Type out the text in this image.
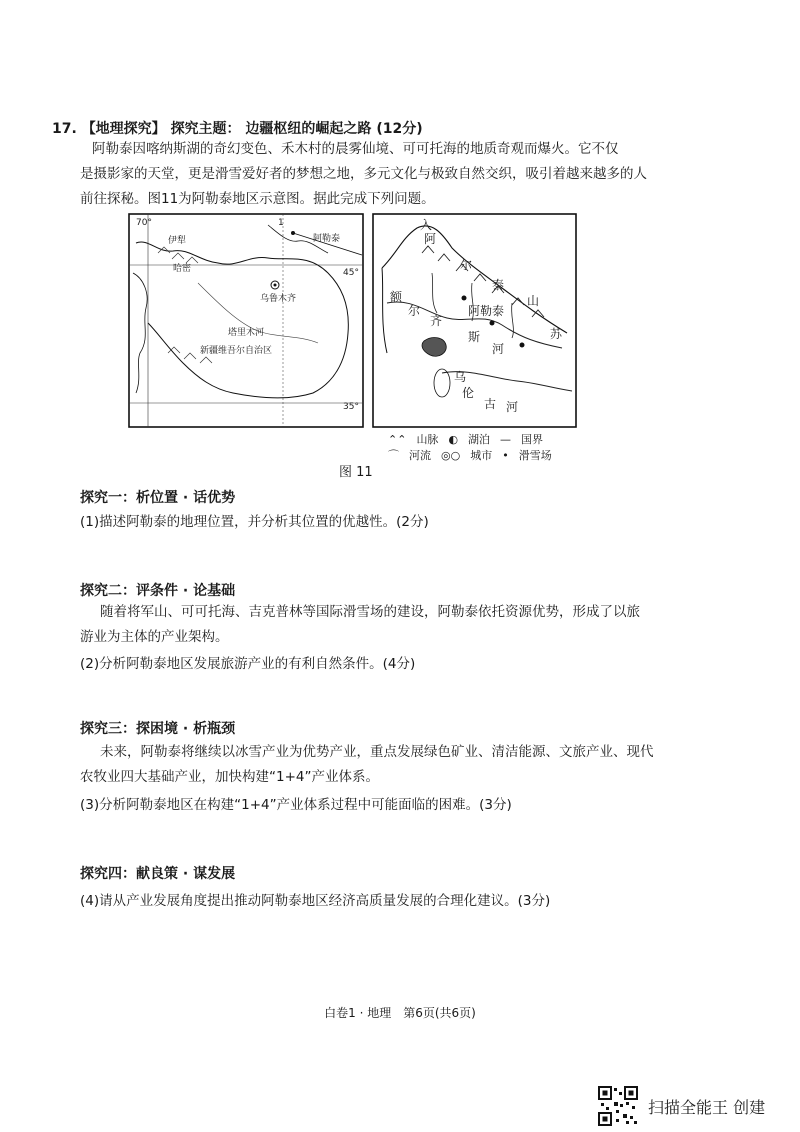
17. 【地理探究】 探究主题： 边疆枢纽的崛起之路 (12分)
阿勒泰因喀纳斯湖的奇幻变色、禾木村的晨雾仙境、可可托海的地质奇观而爆火。它不仅
是摄影家的天堂，更是滑雪爱好者的梦想之地，多元文化与极致自然交织，吸引着越来越多的人
前往探秘。图11为阿勒泰地区示意图。据此完成下列问题。
乌鲁木齐
70°	1
45°
35°
新疆维吾尔自治区
塔里木河
阿勒泰
伊犁
哈密
阿
尔
泰
山
额
尔
齐
斯
阿勒泰
乌
伦
古 河
河
苏
入
⌃⌃ 山脉 ◐ 湖泊 — 国界
⌒ 河流 ◎○ 城市 • 滑雪场
图 11
探究一：析位置 · 话优势
(1)描述阿勒泰的地理位置，并分析其位置的优越性。(2分)
探究二：评条件 · 论基础
随着将军山、可可托海、吉克普林等国际滑雪场的建设，阿勒泰依托资源优势，形成了以旅
游业为主体的产业架构。
(2)分析阿勒泰地区发展旅游产业的有利自然条件。(4分)
探究三：探困境 · 析瓶颈
未来，阿勒泰将继续以冰雪产业为优势产业，重点发展绿色矿业、清洁能源、文旅产业、现代
农牧业四大基础产业，加快构建“1+4”产业体系。
(3)分析阿勒泰地区在构建“1+4”产业体系过程中可能面临的困难。(3分)
探究四：献良策 · 谋发展
(4)请从产业发展角度提出推动阿勒泰地区经济高质量发展的合理化建议。(3分)
白卷1 · 地理　第6页(共6页)
扫描全能王 创建
